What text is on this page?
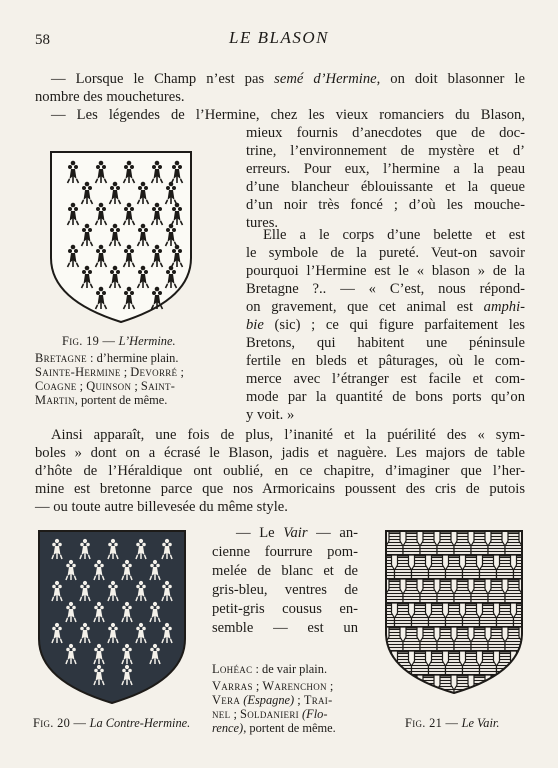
58	LE BLASON
— Lorsque le Champ n’est pas semé d’Hermine, on doit blasonner le
nombre des mouchetures.
— Les légendes de l’Hermine, chez les vieux romanciers du Blason,
mieux fournis d’anecdotes que de doc-
trine, l’environnement de mystère et d’
erreurs. Pour eux, l’hermine a la peau
d’une blancheur éblouissante et la queue
d’un noir très foncé ; d’où les mouche-
tures.
Elle a le corps d’une belette et est
le symbole de la pureté. Veut-on savoir
pourquoi l’Hermine est le « blason » de la
Bretagne ?.. — « C’est, nous répond-
on gravement, que cet animal est amphi-
bie (sic) ; ce qui figure parfaitement les
Bretons, qui habitent une péninsule
fertile en bleds et pâturages, où le com-
merce avec l’étranger est facile et com-
mode par la quantité de bons ports qu’on
y voit. »
Fig. 19 — L’Hermine.
Bretagne : d’hermine plain.
Sainte-Hermine ; Devorré ;
Coagne ; Quinson ; Saint-
Martin, portent de même.
Ainsi apparaît, une fois de plus, l’inanité et la puérilité des « sym-
boles » dont on a écrasé le Blason, jadis et naguère. Les majors de table
d’hôte de l’Héraldique ont oublié, en ce chapitre, d’imaginer que l’her-
mine est bretonne parce que nos Armoricains poussent des cris de putois
— ou toute autre billevesée du même style.
Fig. 20 — La Contre-Hermine.
— Le Vair — an-
cienne fourrure pom-
melée de blanc et de
gris-bleu, ventres de
petit-gris cousus en-
semble — est un
Lohéac : de vair plain.
Varras ; Warenchon ;
Vera (Espagne) ; Trai-
nel ; Soldanieri (Flo-
rence), portent de même.	Fig. 21 — Le Vair.
